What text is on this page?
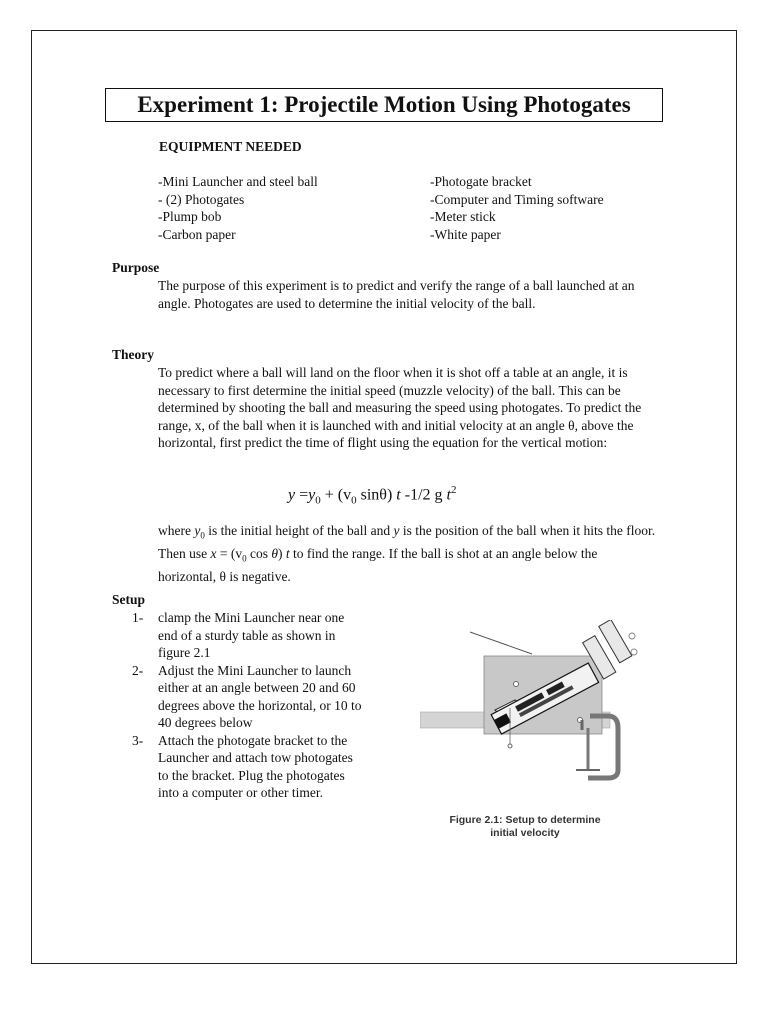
Experiment 1: Projectile Motion Using Photogates
EQUIPMENT NEEDED
-Mini Launcher and steel ball
- (2) Photogates
-Plump bob
-Carbon paper
-Photogate bracket
-Computer and Timing software
-Meter stick
-White paper
Purpose
The purpose of this experiment is to predict and verify the range of a ball launched at an angle. Photogates are used to determine the initial velocity of the ball.
Theory
To predict where a ball will land on the floor when it is shot off a table at an angle, it is necessary to first determine the initial speed (muzzle velocity) of the ball. This can be determined by shooting the ball and measuring the speed using photogates. To predict the range, x, of the ball when it is launched with and initial velocity at an angle θ, above the horizontal, first predict the time of flight using the equation for the vertical motion:
$y =y_0 + (v_0$ sinθ) t -1/2 g $t^2$
where $y_0$ is the initial height of the ball and y is the position of the ball when it hits the floor. Then use $x = (v_0$ cos θ) t to find the range. If the ball is shot at an angle below the horizontal, θ is negative.
Setup
1-	clamp the Mini Launcher near one end of a sturdy table as shown in figure 2.1
2-	Adjust the Mini Launcher to launch either at an angle between 20 and 60 degrees above the horizontal, or 10 to 40 degrees below
3-	Attach the photogate bracket to the Launcher and attach tow photogates to the bracket. Plug the photogates into a computer or other timer.
Figure 2.1: Setup to determine
initial velocity
